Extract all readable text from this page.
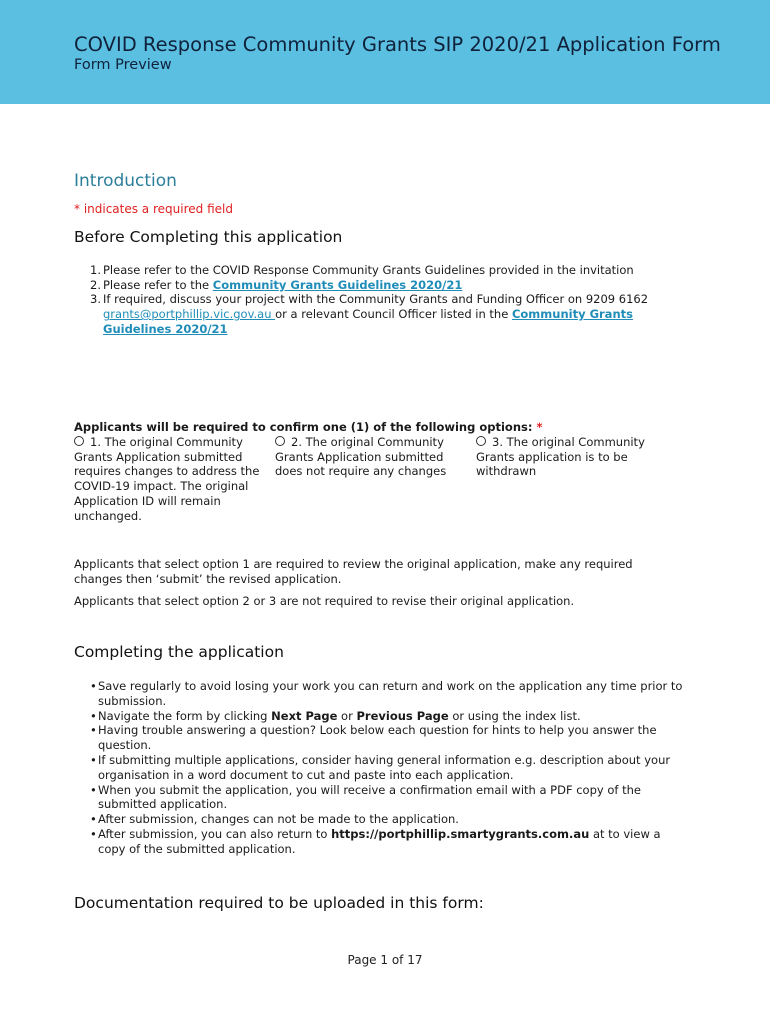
COVID Response Community Grants SIP 2020/21 Application Form
Form Preview
Introduction
* indicates a required field
Before Completing this application
1. Please refer to the COVID Response Community Grants Guidelines provided in the invitation
2. Please refer to the Community Grants Guidelines 2020/21
3. If required, discuss your project with the Community Grants and Funding Officer on 9209 6162 grants@portphillip.vic.gov.au or a relevant Council Officer listed in the Community Grants Guidelines 2020/21
Applicants will be required to confirm one (1) of the following options: *
1. The original Community Grants Application submitted requires changes to address the COVID-19 impact. The original Application ID will remain unchanged.
2. The original Community Grants Application submitted does not require any changes
3. The original Community Grants application is to be withdrawn
Applicants that select option 1 are required to review the original application, make any required changes then ‘submit’ the revised application.
Applicants that select option 2 or 3 are not required to revise their original application.
Completing the application
• Save regularly to avoid losing your work you can return and work on the application any time prior to submission.
• Navigate the form by clicking Next Page or Previous Page or using the index list.
• Having trouble answering a question? Look below each question for hints to help you answer the question.
• If submitting multiple applications, consider having general information e.g. description about your organisation in a word document to cut and paste into each application.
• When you submit the application, you will receive a confirmation email with a PDF copy of the submitted application.
• After submission, changes can not be made to the application.
• After submission, you can also return to https://portphillip.smartygrants.com.au at to view a copy of the submitted application.
Documentation required to be uploaded in this form:
Page 1 of 17
